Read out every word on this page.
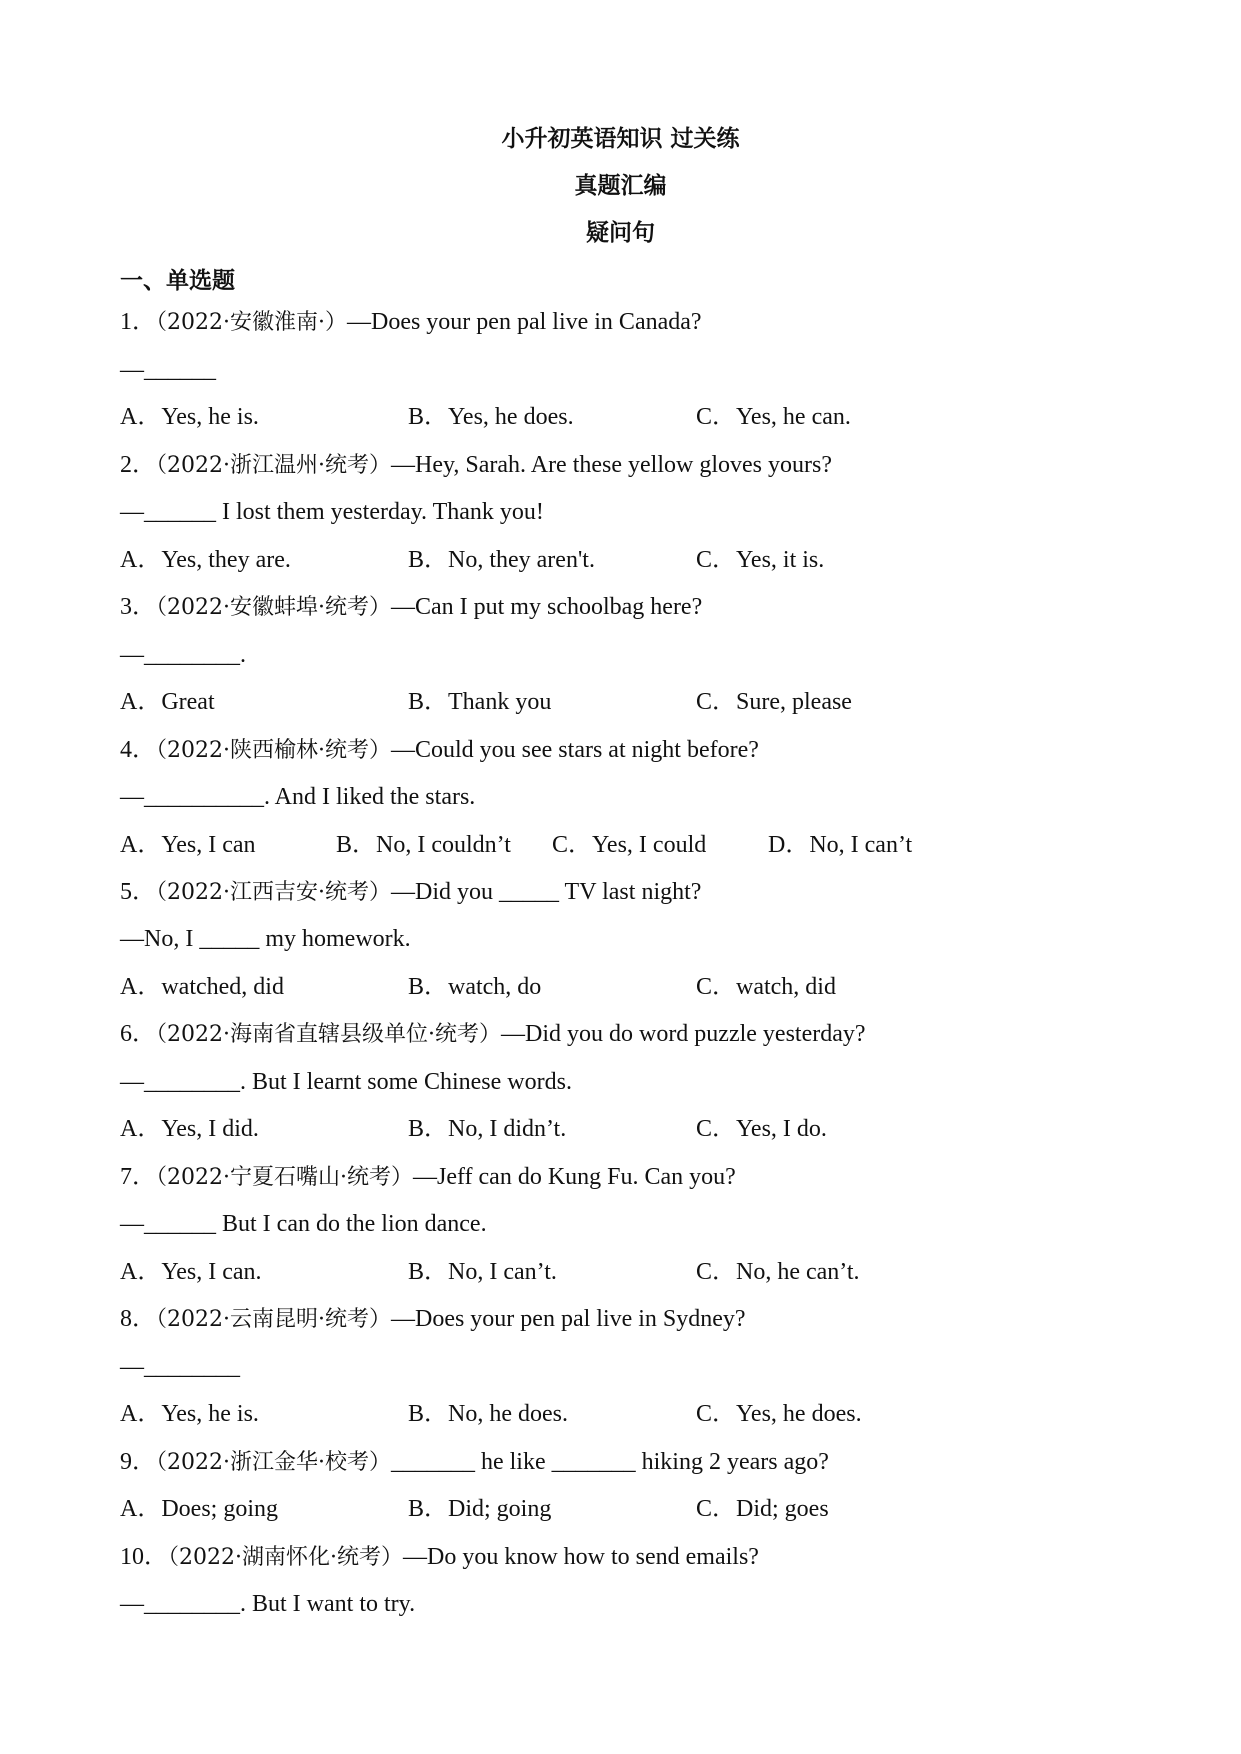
小升初英语知识 过关练
真题汇编
疑问句
一、单选题
1．（2022·安徽淮南·）—Does your pen pal live in Canada?
—______
A．Yes, he is.	B．Yes, he does.	C．Yes, he can.
2．（2022·浙江温州·统考）—Hey, Sarah. Are these yellow gloves yours?
—______ I lost them yesterday. Thank you!
A．Yes, they are.	B．No, they aren't.	C．Yes, it is.
3．（2022·安徽蚌埠·统考）—Can I put my schoolbag here?
—________.
A．Great	B．Thank you	C．Sure, please
4．（2022·陕西榆林·统考）—Could you see stars at night before?
—__________. And I liked the stars.
A．Yes, I can	B．No, I couldn’t C．Yes, I could	D．No, I can’t
5．（2022·江西吉安·统考）—Did you _____ TV last night?
—No, I _____ my homework.
A．watched, did	B．watch, do	C．watch, did
6．（2022·海南省直辖县级单位·统考）—Did you do word puzzle yesterday?
—________. But I learnt some Chinese words.
A．Yes, I did.	B．No, I didn’t.	C．Yes, I do.
7．（2022·宁夏石嘴山·统考）—Jeff can do Kung Fu. Can you?
—______ But I can do the lion dance.
A．Yes, I can.	B．No, I can’t.	C．No, he can’t.
8．（2022·云南昆明·统考）—Does your pen pal live in Sydney?
—________
A．Yes, he is.	B．No, he does.	C．Yes, he does.
9．（2022·浙江金华·校考）_______ he like _______ hiking 2 years ago?
A．Does; going	B．Did; going	C．Did; goes
10．（2022·湖南怀化·统考）—Do you know how to send emails?
—________. But I want to try.
